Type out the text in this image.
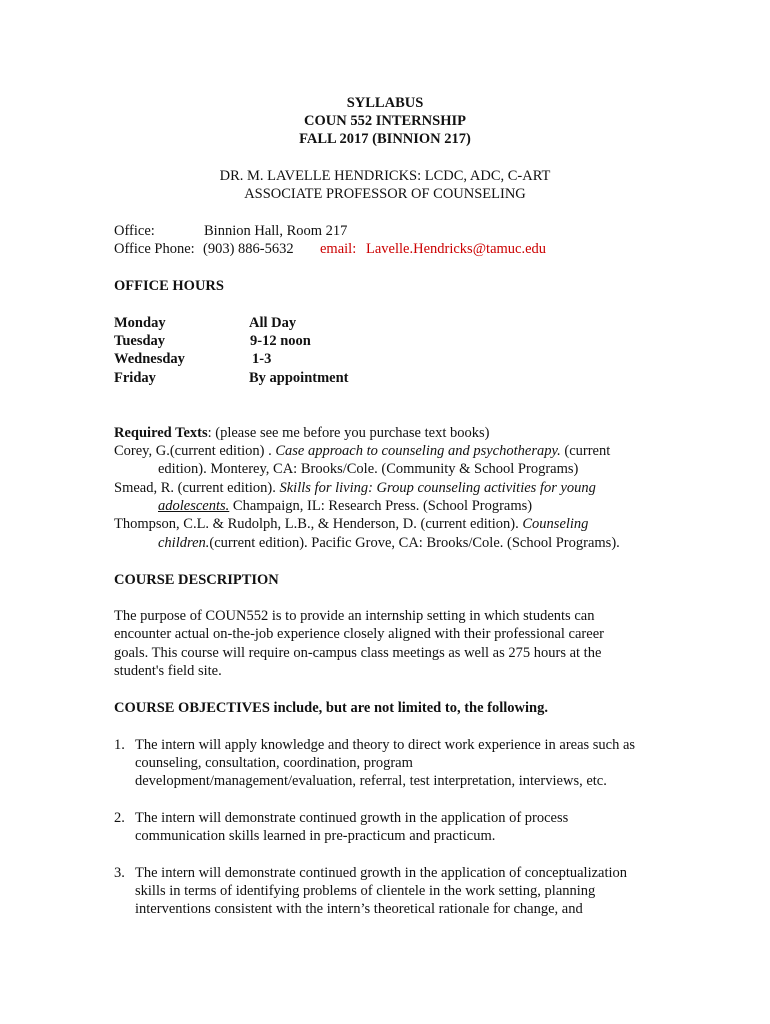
SYLLABUS
COUN 552 INTERNSHIP
FALL 2017 (BINNION 217)
DR. M. LAVELLE HENDRICKS: LCDC, ADC, C-ART
ASSOCIATE PROFESSOR OF COUNSELING
Office:	Binnion Hall, Room 217
Office Phone: (903) 886-5632 email: Lavelle.Hendricks@tamuc.edu
OFFICE HOURS
Monday	All Day
Tuesday	9-12 noon
Wednesday	1-3
Friday	By appointment
Required Texts: (please see me before you purchase text books)
Corey, G.(current edition) . Case approach to counseling and psychotherapy. (current
edition). Monterey, CA: Brooks/Cole. (Community & School Programs)
Smead, R. (current edition). Skills for living: Group counseling activities for young
adolescents. Champaign, IL: Research Press. (School Programs)
Thompson, C.L. & Rudolph, L.B., & Henderson, D. (current edition). Counseling
children.(current edition). Pacific Grove, CA: Brooks/Cole. (School Programs).
COURSE DESCRIPTION
The purpose of COUN552 is to provide an internship setting in which students can
encounter actual on-the-job experience closely aligned with their professional career
goals. This course will require on-campus class meetings as well as 275 hours at the
student's field site.
COURSE OBJECTIVES include, but are not limited to, the following.
1. The intern will apply knowledge and theory to direct work experience in areas such as
counseling, consultation, coordination, program
development/management/evaluation, referral, test interpretation, interviews, etc.
2. The intern will demonstrate continued growth in the application of process
communication skills learned in pre-practicum and practicum.
3. The intern will demonstrate continued growth in the application of conceptualization
skills in terms of identifying problems of clientele in the work setting, planning
interventions consistent with the intern’s theoretical rationale for change, and
